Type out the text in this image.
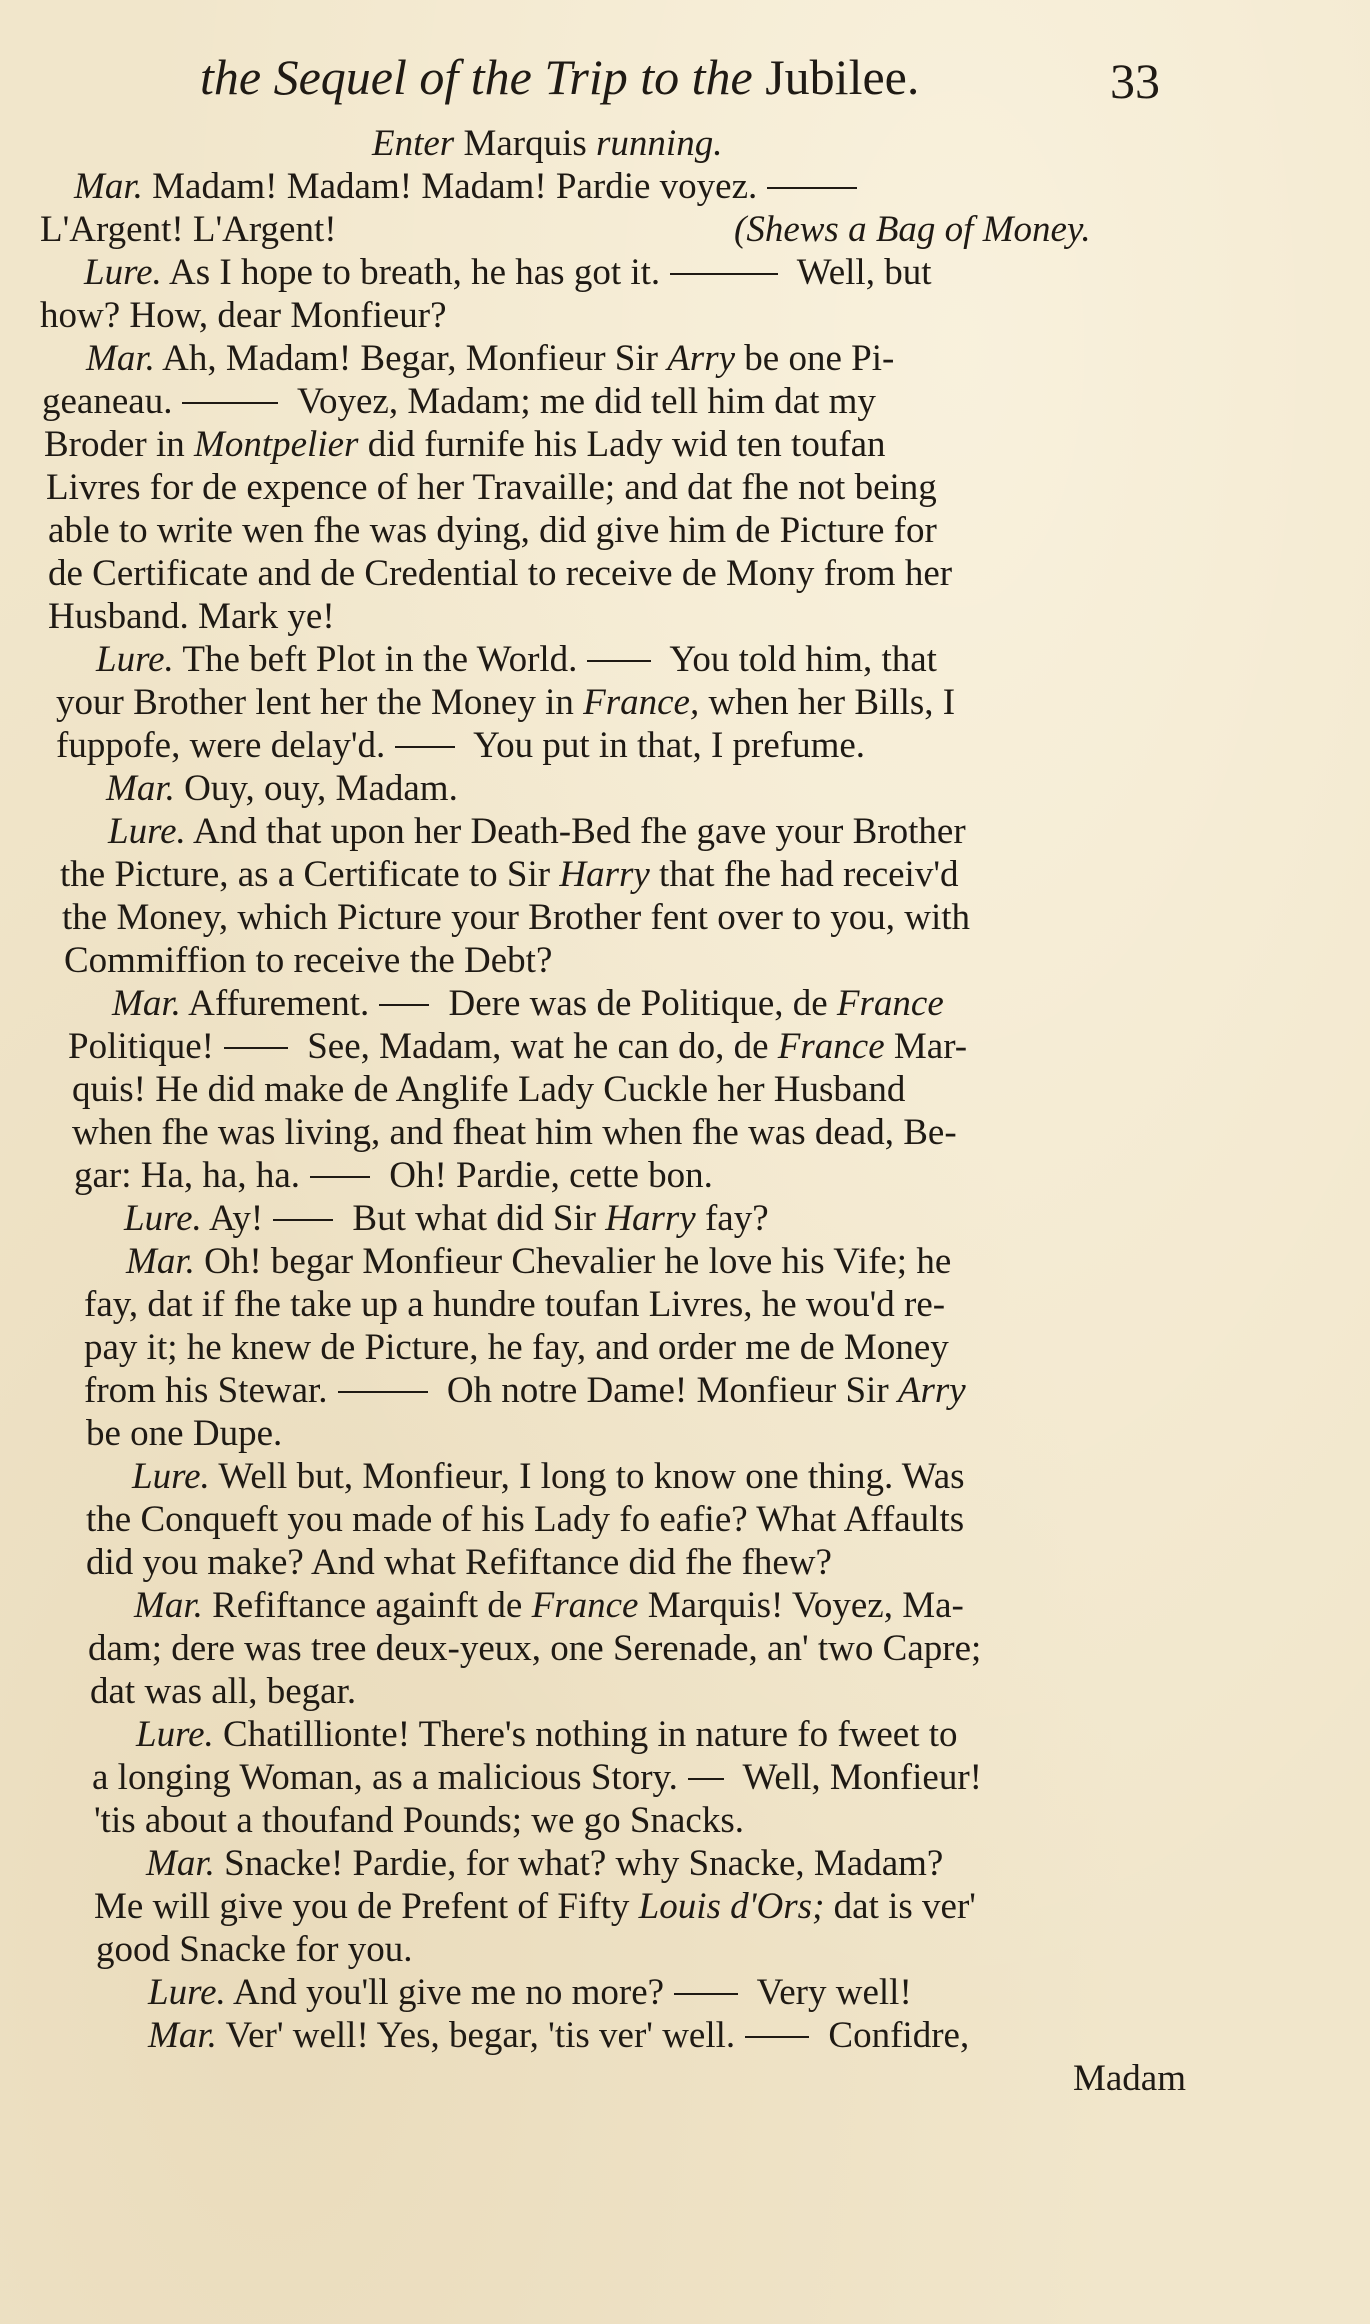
the Sequel of the Trip to the Jubilee.	33
Enter Marquis running.
Mar. Madam! Madam! Madam! Pardie voyez.
L'Argent! L'Argent!	(Shews a Bag of Money.
Lure. As I hope to breath, he has got it.	Well, but
how? How, dear Monfieur?
Mar. Ah, Madam! Begar, Monfieur Sir Arry be one Pi-
geaneau.	Voyez, Madam; me did tell him dat my
Broder in Montpelier did furnife his Lady wid ten toufan
Livres for de expence of her Travaille; and dat fhe not being
able to write wen fhe was dying, did give him de Picture for
de Certificate and de Credential to receive de Mony from her
Husband. Mark ye!
Lure. The beft Plot in the World. You told him, that
your Brother lent her the Money in France, when her Bills, I
fuppofe, were delay'd. You put in that, I prefume.
Mar. Ouy, ouy, Madam.
Lure. And that upon her Death-Bed fhe gave your Brother
the Picture, as a Certificate to Sir Harry that fhe had receiv'd
the Money, which Picture your Brother fent over to you, with
Commiffion to receive the Debt?
Mar. Affurement. Dere was de Politique, de France
Politique!	See, Madam, wat he can do, de France Mar-
quis! He did make de Anglife Lady Cuckle her Husband
when fhe was living, and fheat him when fhe was dead, Be-
gar: Ha, ha, ha. Oh! Pardie, cette bon.
Lure. Ay! But what did Sir Harry fay?
Mar. Oh! begar Monfieur Chevalier he love his Vife; he
fay, dat if fhe take up a hundre toufan Livres, he wou'd re-
pay it; he knew de Picture, he fay, and order me de Money
from his Stewar.	Oh notre Dame! Monfieur Sir Arry
be one Dupe.
Lure. Well but, Monfieur, I long to know one thing. Was
the Conqueft you made of his Lady fo eafie? What Affaults
did you make? And what Refiftance did fhe fhew?
Mar. Refiftance againft de France Marquis! Voyez, Ma-
dam; dere was tree deux-yeux, one Serenade, an' two Capre;
dat was all, begar.
Lure. Chatillionte! There's nothing in nature fo fweet to
a longing Woman, as a malicious Story. Well, Monfieur!
'tis about a thoufand Pounds; we go Snacks.
Mar. Snacke! Pardie, for what? why Snacke, Madam?
Me will give you de Prefent of Fifty Louis d'Ors; dat is ver'
good Snacke for you.
Lure. And you'll give me no more?	Very well!
Mar. Ver' well! Yes, begar, 'tis ver' well.	Confidre,
Madam
